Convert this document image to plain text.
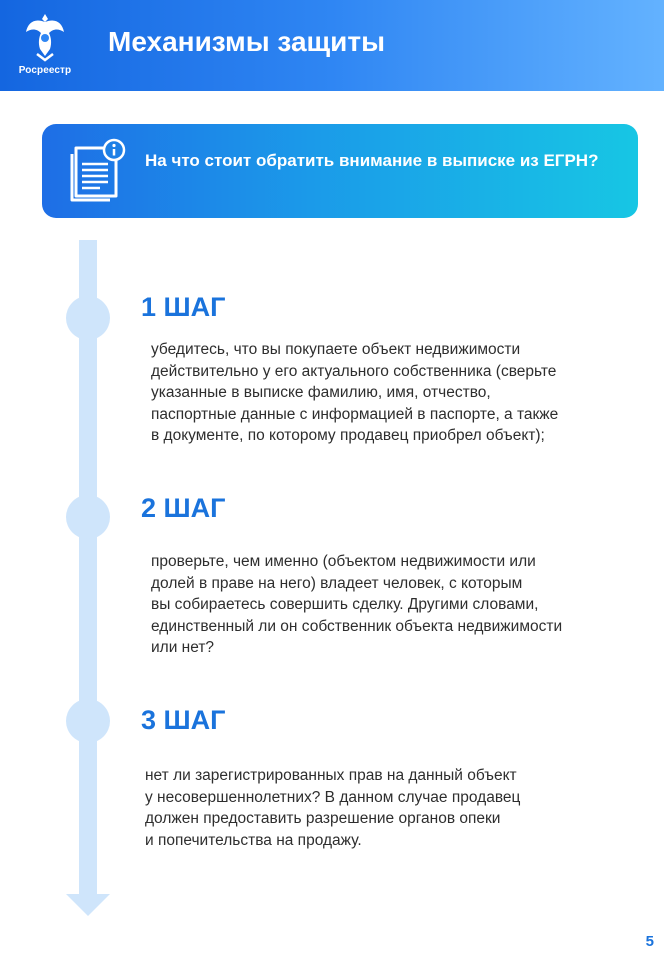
Росреестр
Механизмы защиты
На что стоит обратить внимание в выписке из ЕГРН?
1 ШАГ
убедитесь, что вы покупаете объект недвижимости
действительно у его актуального собственника (сверьте
указанные в выписке фамилию, имя, отчество,
паспортные данные с информацией в паспорте, а также
в документе, по которому продавец приобрел объект);
2 ШАГ
проверьте, чем именно (объектом недвижимости или
долей в праве на него) владеет человек, с которым
вы собираетесь совершить сделку. Другими словами,
единственный ли он собственник объекта недвижимости
или нет?
3 ШАГ
нет ли зарегистрированных прав на данный объект
у несовершеннолетних? В данном случае продавец
должен предоставить разрешение органов опеки
и попечительства на продажу.
5
